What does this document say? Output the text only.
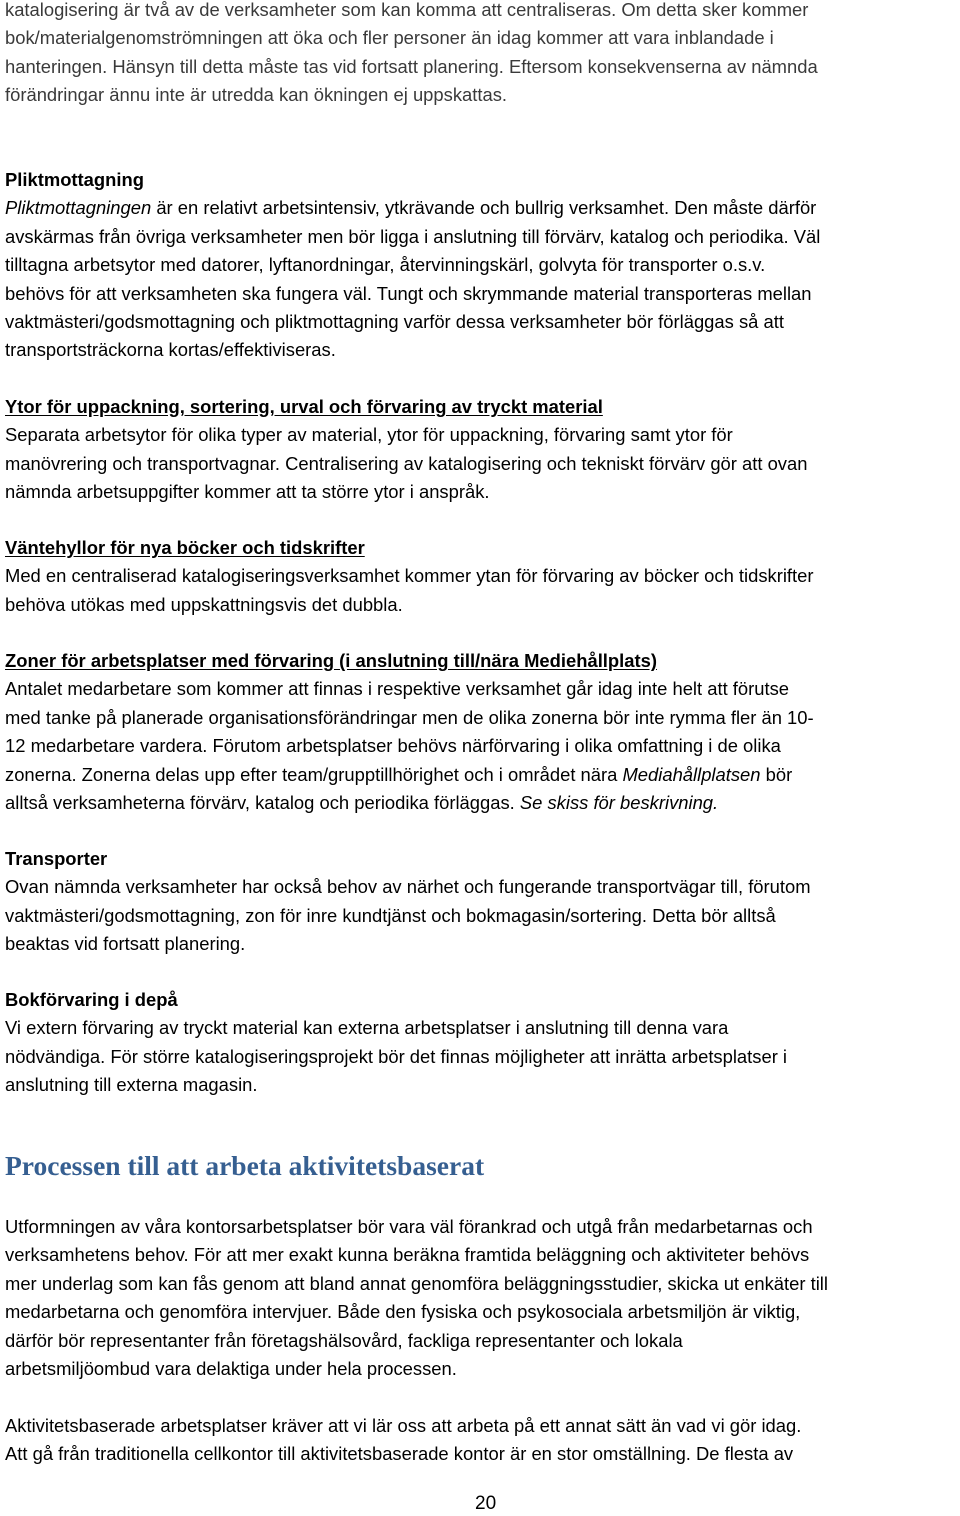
katalogisering är två av de verksamheter som kan komma att centraliseras. Om detta sker kommer
bok/materialgenomströmningen att öka och fler personer än idag kommer att vara inblandade i
hanteringen. Hänsyn till detta måste tas vid fortsatt planering. Eftersom konsekvenserna av nämnda
förändringar ännu inte är utredda kan ökningen ej uppskattas.
Pliktmottagning
Pliktmottagningen är en relativt arbetsintensiv, ytkrävande och bullrig verksamhet. Den måste därför
avskärmas från övriga verksamheter men bör ligga i anslutning till förvärv, katalog och periodika. Väl
tilltagna arbetsytor med datorer, lyftanordningar, återvinningskärl, golvyta för transporter o.s.v.
behövs för att verksamheten ska fungera väl. Tungt och skrymmande material transporteras mellan
vaktmästeri/godsmottagning och pliktmottagning varför dessa verksamheter bör förläggas så att
transportsträckorna kortas/effektiviseras.
Ytor för uppackning, sortering, urval och förvaring av tryckt material
Separata arbetsytor för olika typer av material, ytor för uppackning, förvaring samt ytor för
manövrering och transportvagnar. Centralisering av katalogisering och tekniskt förvärv gör att ovan
nämnda arbetsuppgifter kommer att ta större ytor i anspråk.
Väntehyllor för nya böcker och tidskrifter
Med en centraliserad katalogiseringsverksamhet kommer ytan för förvaring av böcker och tidskrifter
behöva utökas med uppskattningsvis det dubbla.
Zoner för arbetsplatser med förvaring (i anslutning till/nära Mediehållplats)
Antalet medarbetare som kommer att finnas i respektive verksamhet går idag inte helt att förutse
med tanke på planerade organisationsförändringar men de olika zonerna bör inte rymma fler än 10-
12 medarbetare vardera. Förutom arbetsplatser behövs närförvaring i olika omfattning i de olika
zonerna. Zonerna delas upp efter team/grupptillhörighet och i området nära Mediahållplatsen bör
alltså verksamheterna förvärv, katalog och periodika förläggas. Se skiss för beskrivning.
Transporter
Ovan nämnda verksamheter har också behov av närhet och fungerande transportvägar till, förutom
vaktmästeri/godsmottagning, zon för inre kundtjänst och bokmagasin/sortering. Detta bör alltså
beaktas vid fortsatt planering.
Bokförvaring i depå
Vi extern förvaring av tryckt material kan externa arbetsplatser i anslutning till denna vara
nödvändiga. För större katalogiseringsprojekt bör det finnas möjligheter att inrätta arbetsplatser i
anslutning till externa magasin.
Processen till att arbeta aktivitetsbaserat
Utformningen av våra kontorsarbetsplatser bör vara väl förankrad och utgå från medarbetarnas och
verksamhetens behov. För att mer exakt kunna beräkna framtida beläggning och aktiviteter behövs
mer underlag som kan fås genom att bland annat genomföra beläggningsstudier, skicka ut enkäter till
medarbetarna och genomföra intervjuer. Både den fysiska och psykosociala arbetsmiljön är viktig,
därför bör representanter från företagshälsovård, fackliga representanter och lokala
arbetsmiljöombud vara delaktiga under hela processen.
Aktivitetsbaserade arbetsplatser kräver att vi lär oss att arbeta på ett annat sätt än vad vi gör idag.
Att gå från traditionella cellkontor till aktivitetsbaserade kontor är en stor omställning. De flesta av
20
